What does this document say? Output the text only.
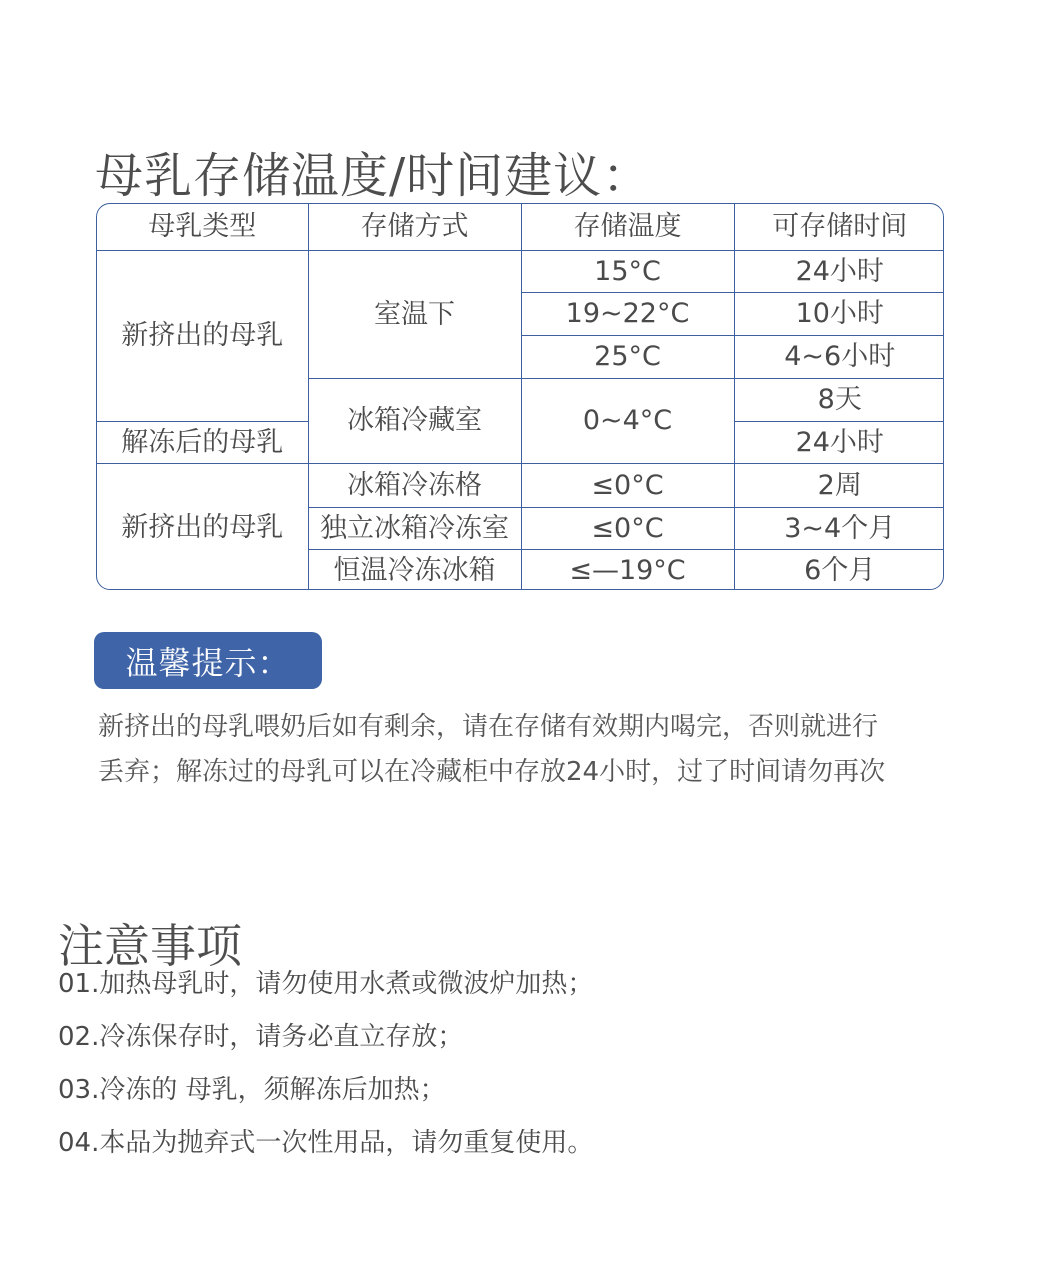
母乳存储温度/时间建议：
母乳类型	存储方式	存储温度	可存储时间
新挤出的母乳	室温下	15°C	24小时
		19~22°C	10小时
		25°C	4~6小时
	冰箱冷藏室	0~4°C	8天
解冻后的母乳			24小时
新挤出的母乳	冰箱冷冻格	≤0°C	2周
	独立冰箱冷冻室	≤0°C	3~4个月
	恒温冷冻冰箱	≤—19°C	6个月
温馨提示：

新挤出的母乳喂奶后如有剩余，请在存储有效期内喝完，否则就进行
丢弃；解冻过的母乳可以在冷藏柜中存放24小时，过了时间请勿再次

注意事项
01.加热母乳时，请勿使用水煮或微波炉加热；
02.冷冻保存时，请务必直立存放；
03.冷冻的 母乳，须解冻后加热；
04.本品为抛弃式一次性用品，请勿重复使用。
